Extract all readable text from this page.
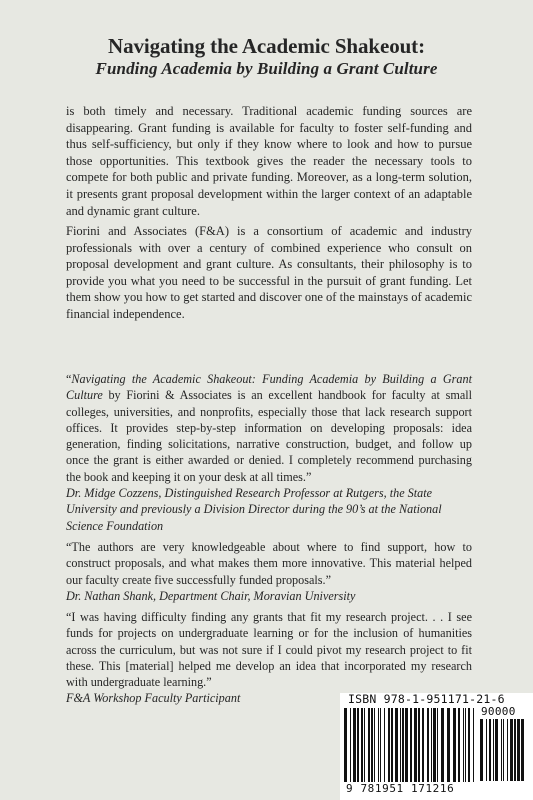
Navigating the Academic Shakeout:
Funding Academia by Building a Grant Culture

is both timely and necessary. Traditional academic funding sources are disappearing. Grant funding is available for faculty to foster self-funding and thus self-sufficiency, but only if they know where to look and how to pursue those opportunities. This textbook gives the reader the necessary tools to compete for both public and private funding. Moreover, as a long-term solution, it presents grant proposal development within the larger context of an adaptable and dynamic grant culture.

Fiorini and Associates (F&A) is a consortium of academic and industry professionals with over a century of combined experience who consult on proposal development and grant culture. As consultants, their philosophy is to provide you what you need to be successful in the pursuit of grant funding. Let them show you how to get started and discover one of the mainstays of academic financial independence.

“Navigating the Academic Shakeout: Funding Academia by Building a Grant Culture by Fiorini & Associates is an excellent handbook for faculty at small colleges, universities, and nonprofits, especially those that lack research support offices. It provides step-by-step information on developing proposals: idea generation, finding solicitations, narrative construction, budget, and follow up once the grant is either awarded or denied. I completely recommend purchasing the book and keeping it on your desk at all times.”
Dr. Midge Cozzens, Distinguished Research Professor at Rutgers, the State University and previously a Division Director during the 90’s at the National Science Foundation
“The authors are very knowledgeable about where to find support, how to construct proposals, and what makes them more innovative. This material helped our faculty create five successfully funded proposals.”
Dr. Nathan Shank, Department Chair, Moravian University
“I was having difficulty finding any grants that fit my research project. . . I see funds for projects on undergraduate learning or for the inclusion of humanities across the curriculum, but was not sure if I could pivot my research project to fit these. This [material] helped me develop an idea that incorporated my research with undergraduate learning.”
F&A Workshop Faculty Participant	ISBN 978-1-951171-21-6
90000
9 781951 171216
